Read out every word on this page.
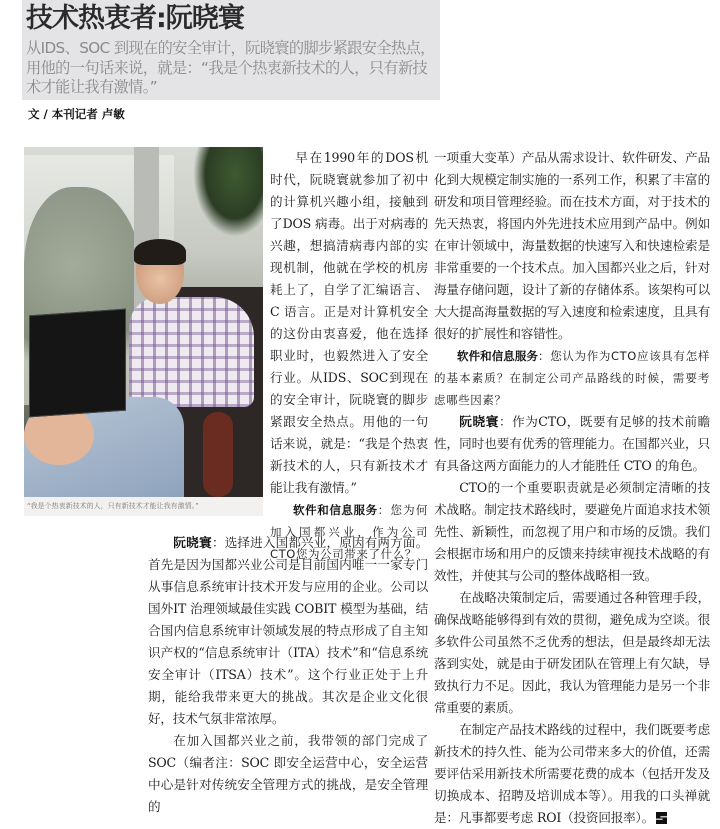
技术热衷者:阮晓寰
从IDS、SOC 到现在的安全审计，阮晓寰的脚步紧跟安全热点，用他的一句话来说，就是：“我是个热衷新技术的人，只有新技术才能让我有激情。”
文 / 本刊记者 卢敏
“我是个热衷新技术的人，只有新技术才能让我有激情。”

早在1990年的DOS机时代，阮晓寰就参加了初中的计算机兴趣小组，接触到了DOS 病毒。出于对病毒的兴趣，想搞清病毒内部的实现机制，他就在学校的机房耗上了，自学了汇编语言、C 语言。正是对计算机安全的这份由衷喜爱，他在选择职业时，也毅然进入了安全行业。从IDS、SOC到现在的安全审计，阮晓寰的脚步紧跟安全热点。用他的一句话来说，就是：“我是个热衷新技术的人，只有新技术才能让我有激情。”

软件和信息服务：您为何加入国都兴业，作为公司CTO您为公司带来了什么？

阮晓寰：选择进入国都兴业，原因有两方面。首先是因为国都兴业公司是目前国内唯一一家专门从事信息系统审计技术开发与应用的企业。公司以国外IT 治理领域最佳实践 COBIT 模型为基础，结合国内信息系统审计领域发展的特点形成了自主知识产权的“信息系统审计（ITA）技术”和“信息系统安全审计（ITSA）技术”。这个行业正处于上升期，能给我带来更大的挑战。其次是企业文化很好，技术气氛非常浓厚。

在加入国都兴业之前，我带领的部门完成了SOC（编者注：SOC 即安全运营中心，安全运营中心是针对传统安全管理方式的挑战，是安全管理的

一项重大变革）产品从需求设计、软件研发、产品化到大规模定制实施的一系列工作，积累了丰富的研发和项目管理经验。而在技术方面，对于技术的先天热衷，将国内外先进技术应用到产品中。例如在审计领域中，海量数据的快速写入和快速检索是非常重要的一个技术点。加入国都兴业之后，针对海量存储问题，设计了新的存储体系。该架构可以大大提高海量数据的写入速度和检索速度，且具有很好的扩展性和容错性。

软件和信息服务：您认为作为CTO应该具有怎样的基本素质？在制定公司产品路线的时候，需要考虑哪些因素？

阮晓寰：作为CTO，既要有足够的技术前瞻性，同时也要有优秀的管理能力。在国都兴业，只有具备这两方面能力的人才能胜任 CTO 的角色。

CTO的一个重要职责就是必须制定清晰的技术战略。制定技术路线时，要避免片面追求技术领先性、新颖性，而忽视了用户和市场的反馈。我们会根据市场和用户的反馈来持续审视技术战略的有效性，并使其与公司的整体战略相一致。

在战略决策制定后，需要通过各种管理手段，确保战略能够得到有效的贯彻，避免成为空谈。很多软件公司虽然不乏优秀的想法，但是最终却无法落到实处，就是由于研发团队在管理上有欠缺，导致执行力不足。因此，我认为管理能力是另一个非常重要的素质。

在制定产品技术路线的过程中，我们既要考虑新技术的持久性、能为公司带来多大的价值，还需要评估采用新技术所需要花费的成本（包括开发及切换成本、招聘及培训成本等）。用我的口头禅就是：凡事都要考虑 ROI（投资回报率）。
